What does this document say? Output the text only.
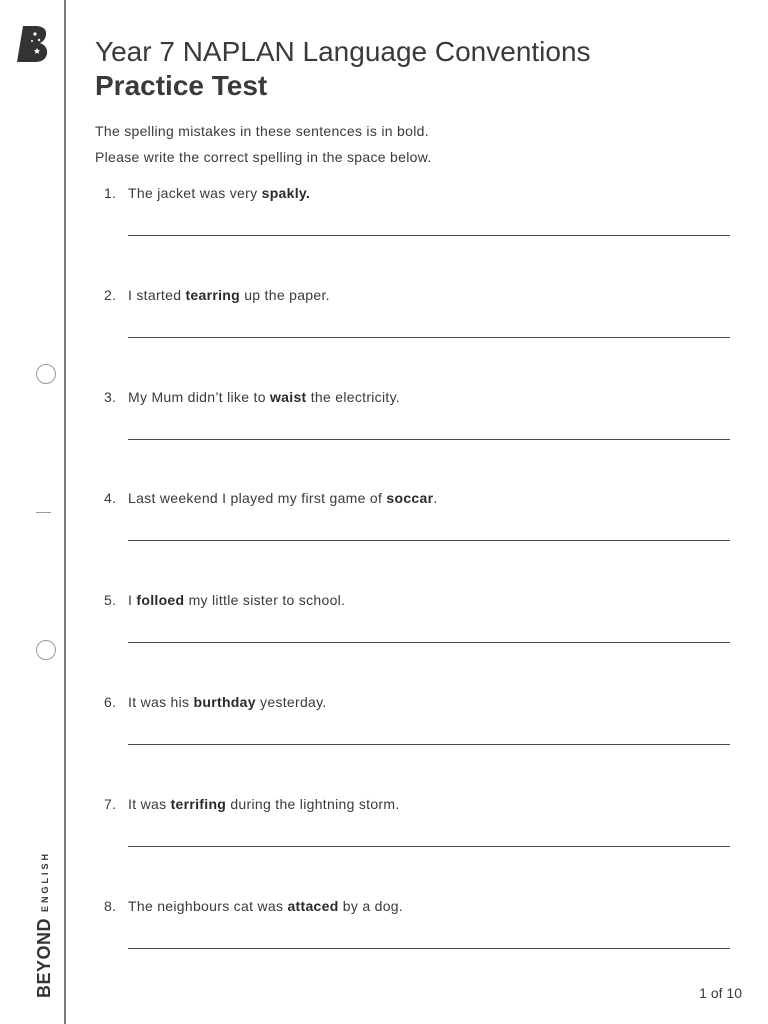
BEYOND
ENGLISH
Year 7 NAPLAN Language Conventions
Practice Test
The spelling mistakes in these sentences is in bold.
Please write the correct spelling in the space below.
1. The jacket was very spakly.
2. I started tearring up the paper.
3. My Mum didn’t like to waist the electricity.
4. Last weekend I played my first game of soccar.
5. I folloed my little sister to school.
6. It was his burthday yesterday.
7. It was terrifing during the lightning storm.
8. The neighbours cat was attaced by a dog.
1 of 10
